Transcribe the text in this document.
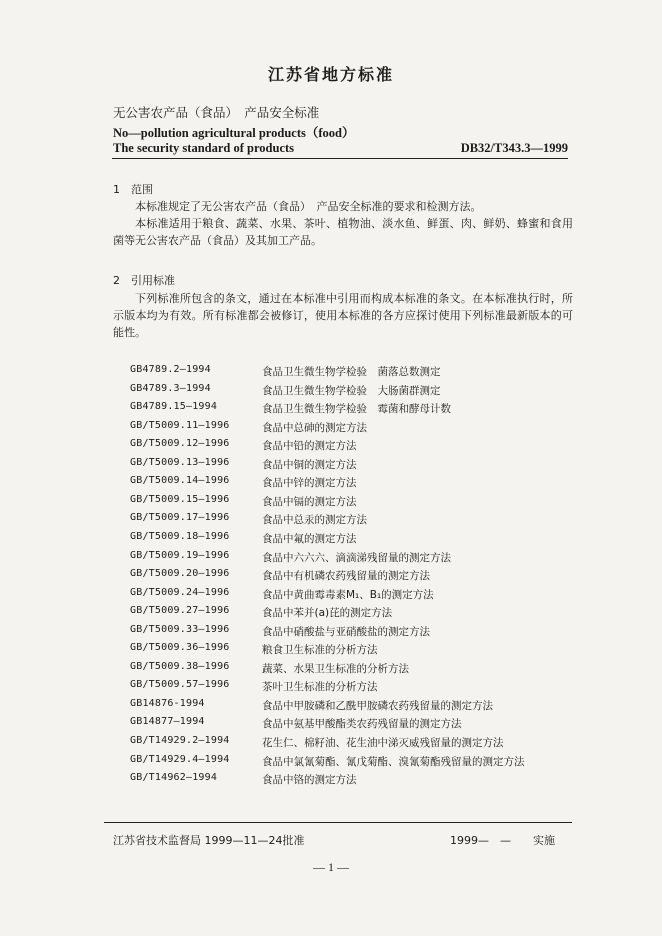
江苏省地方标准
无公害农产品（食品）　产品安全标准
No—pollution agricultural products（food）
The security standard of products	DB32/T343.3—1999
1 范围
本标准规定了无公害农产品（食品）　产品安全标准的要求和检测方法。
本标准适用于粮食、蔬菜、水果、茶叶、植物油、淡水鱼、鲜蛋、肉、鲜奶、蜂蜜和食用菌等无公害农产品（食品）及其加工产品。
2 引用标准
下列标准所包含的条文，通过在本标准中引用而构成本标准的条文。在本标准执行时，所示版本均为有效。所有标准都会被修订，使用本标准的各方应探讨使用下列标准最新版本的可能性。
GB4789.2—1994	食品卫生微生物学检验　菌落总数测定
GB4789.3—1994	食品卫生微生物学检验　大肠菌群测定
GB4789.15—1994	食品卫生微生物学检验　霉菌和酵母计数
GB/T5009.11—1996	食品中总砷的测定方法
GB/T5009.12—1996	食品中铅的测定方法
GB/T5009.13—1996	食品中铜的测定方法
GB/T5009.14—1996	食品中锌的测定方法
GB/T5009.15—1996	食品中镉的测定方法
GB/T5009.17—1996	食品中总汞的测定方法
GB/T5009.18—1996	食品中氟的测定方法
GB/T5009.19—1996	食品中六六六、滴滴涕残留量的测定方法
GB/T5009.20—1996	食品中有机磷农药残留量的测定方法
GB/T5009.24—1996	食品中黄曲霉毒素M₁、B₁的测定方法
GB/T5009.27—1996	食品中苯并(a)芘的测定方法
GB/T5009.33—1996	食品中硝酸盐与亚硝酸盐的测定方法
GB/T5009.36—1996	粮食卫生标准的分析方法
GB/T5009.38—1996	蔬菜、水果卫生标准的分析方法
GB/T5009.57—1996	茶叶卫生标准的分析方法
GB14876-1994	食品中甲胺磷和乙酰甲胺磷农药残留量的测定方法
GB14877—1994	食品中氨基甲酸酯类农药残留量的测定方法
GB/T14929.2—1994	花生仁、棉籽油、花生油中涕灭威残留量的测定方法
GB/T14929.4—1994	食品中氯氰菊酯、氰戊菊酯、溴氰菊酯残留量的测定方法
GB/T14962—1994	食品中铬的测定方法
江苏省技术监督局 1999—11—24批准	1999—　—　　实施
— 1 —
